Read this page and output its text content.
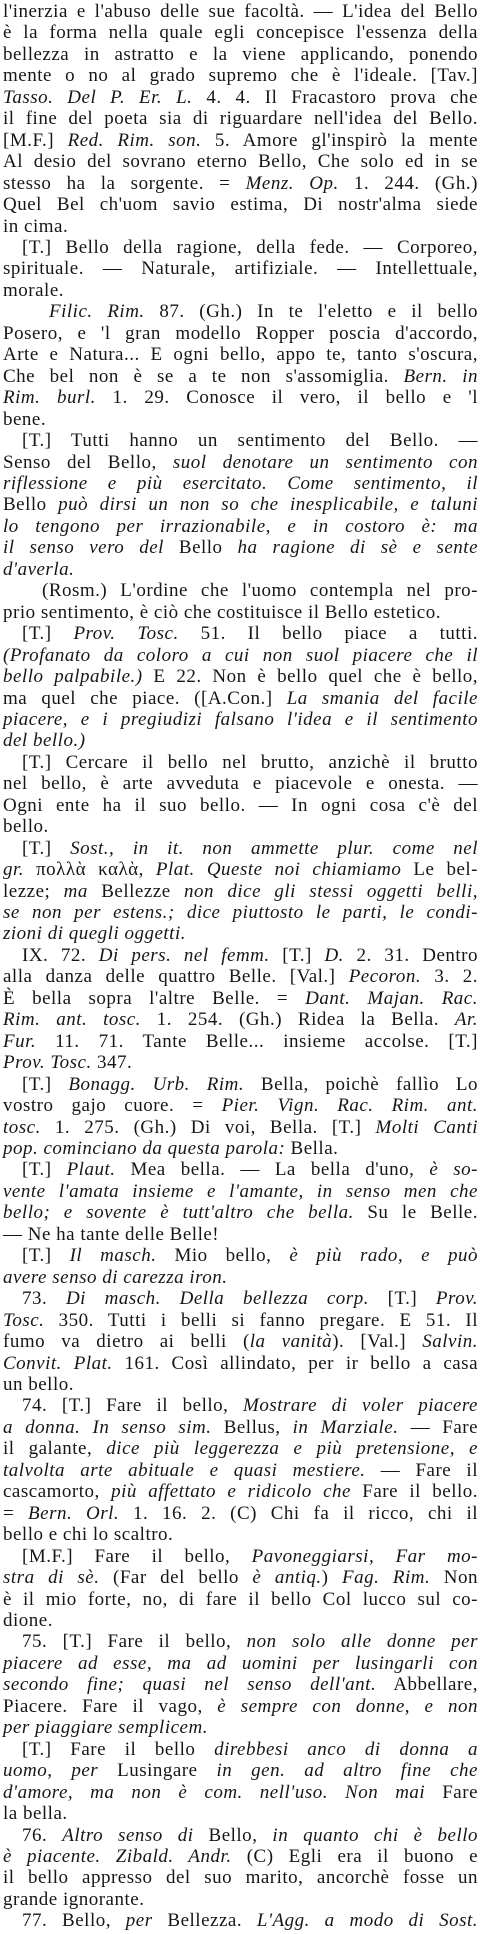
l'inerzia e l'abuso delle sue facoltà. — L'idea del Bello
è la forma nella quale egli concepisce l'essenza della
bellezza in astratto e la viene applicando, ponendo
mente o no al grado supremo che è l'ideale. [Tav.]
Tasso. Del P. Er. L. 4. 4. Il Fracastoro prova che
il fine del poeta sia di riguardare nell'idea del Bello.
[M.F.] Red. Rim. son. 5. Amore gl'inspirò la mente
Al desio del sovrano eterno Bello, Che solo ed in se
stesso ha la sorgente. = Menz. Op. 1. 244. (Gh.)
Quel Bel ch'uom savio estima, Di nostr'alma siede
in cima.
[T.] Bello della ragione, della fede. — Corporeo,
spirituale. — Naturale, artifiziale. — Intellettuale,
morale.
Filic. Rim. 87. (Gh.) In te l'eletto e il bello
Posero, e 'l gran modello Ropper poscia d'accordo,
Arte e Natura... E ogni bello, appo te, tanto s'oscura,
Che bel non è se a te non s'assomiglia. Bern. in
Rim. burl. 1. 29. Conosce il vero, il bello e 'l
bene.
[T.] Tutti hanno un sentimento del Bello. —
Senso del Bello, suol denotare un sentimento con
riflessione e più esercitato. Come sentimento, il
Bello può dirsi un non so che inesplicabile, e taluni
lo tengono per irrazionabile, e in costoro è: ma
il senso vero del Bello ha ragione di sè e sente
d'averla.
(Rosm.) L'ordine che l'uomo contempla nel pro-
prio sentimento, è ciò che costituisce il Bello estetico.
[T.] Prov. Tosc. 51. Il bello piace a tutti.
(Profanato da coloro a cui non suol piacere che il
bello palpabile.) E 22. Non è bello quel che è bello,
ma quel che piace. ([A.Con.] La smania del facile
piacere, e i pregiudizi falsano l'idea e il sentimento
del bello.)
[T.] Cercare il bello nel brutto, anzichè il brutto
nel bello, è arte avveduta e piacevole e onesta. —
Ogni ente ha il suo bello. — In ogni cosa c'è del
bello.
[T.] Sost., in it. non ammette plur. come nel
gr. πολλὰ καλὰ, Plat. Queste noi chiamiamo Le bel-
lezze; ma Bellezze non dice gli stessi oggetti belli,
se non per estens.; dice piuttosto le parti, le condi-
zioni di quegli oggetti.
IX. 72. Di pers. nel femm. [T.] D. 2. 31. Dentro
alla danza delle quattro Belle. [Val.] Pecoron. 3. 2.
È bella sopra l'altre Belle. = Dant. Majan. Rac.
Rim. ant. tosc. 1. 254. (Gh.) Ridea la Bella. Ar.
Fur. 11. 71. Tante Belle... insieme accolse. [T.]
Prov. Tosc. 347.
[T.] Bonagg. Urb. Rim. Bella, poichè fallìo Lo
vostro gajo cuore. = Pier. Vign. Rac. Rim. ant.
tosc. 1. 275. (Gh.) Di voi, Bella. [T.] Molti Canti
pop. cominciano da questa parola: Bella.
[T.] Plaut. Mea bella. — La bella d'uno, è so-
vente l'amata insieme e l'amante, in senso men che
bello; e sovente è tutt'altro che bella. Su le Belle.
— Ne ha tante delle Belle!
[T.] Il masch. Mio bello, è più rado, e può
avere senso di carezza iron.
73. Di masch. Della bellezza corp. [T.] Prov.
Tosc. 350. Tutti i belli si fanno pregare. E 51. Il
fumo va dietro ai belli (la vanità). [Val.] Salvin.
Convit. Plat. 161. Così allindato, per ir bello a casa
un bello.
74. [T.] Fare il bello, Mostrare di voler piacere
a donna. In senso sim. Bellus, in Marziale. — Fare
il galante, dice più leggerezza e più pretensione, e
talvolta arte abituale e quasi mestiere. — Fare il
cascamorto, più affettato e ridicolo che Fare il bello.
= Bern. Orl. 1. 16. 2. (C) Chi fa il ricco, chi il
bello e chi lo scaltro.
[M.F.] Fare il bello, Pavoneggiarsi, Far mo-
stra di sè. (Far del bello è antiq.) Fag. Rim. Non
è il mio forte, no, di fare il bello Col lucco sul co-
dione.
75. [T.] Fare il bello, non solo alle donne per
piacere ad esse, ma ad uomini per lusingarli con
secondo fine; quasi nel senso dell'ant. Abbellare,
Piacere. Fare il vago, è sempre con donne, e non
per piaggiare semplicem.
[T.] Fare il bello direbbesi anco di donna a
uomo, per Lusingare in gen. ad altro fine che
d'amore, ma non è com. nell'uso. Non mai Fare
la bella.
76. Altro senso di Bello, in quanto chi è bello
è piacente. Zibald. Andr. (C) Egli era il buono e
il bello appresso del suo marito, ancorchè fosse un
grande ignorante.
77. Bello, per Bellezza. L'Agg. a modo di Sost.
